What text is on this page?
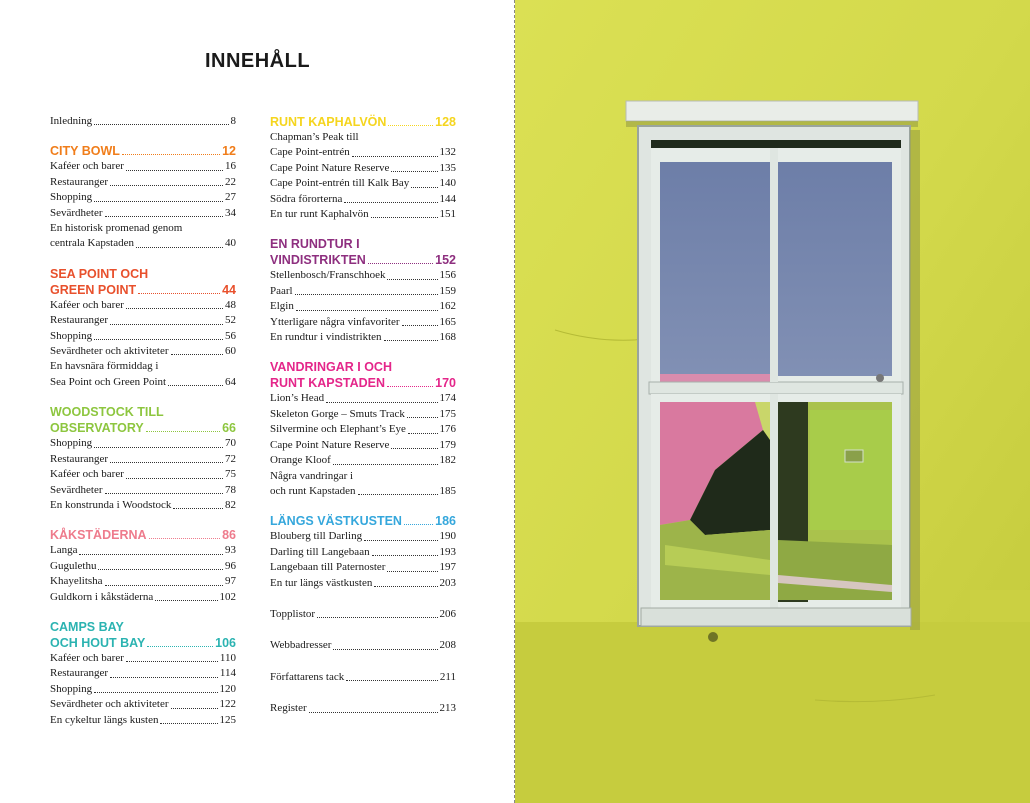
INNEHÅLL
Inledning	8
CITY BOWL	12
Kaféer och barer	16
Restauranger	22
Shopping	27
Sevärdheter	34
En historisk promenad genom
centrala Kapstaden	40
SEA POINT OCH
GREEN POINT	44
Kaféer och barer	48
Restauranger	52
Shopping	56
Sevärdheter och aktiviteter	60
En havsnära förmiddag i
Sea Point och Green Point	64
WOODSTOCK TILL
OBSERVATORY	66
Shopping	70
Restauranger	72
Kaféer och barer	75
Sevärdheter	78
En konstrunda i Woodstock	82
KÅKSTÄDERNA	86
Langa	93
Gugulethu	96
Khayelitsha	97
Guldkorn i kåkstäderna	102
CAMPS BAY
OCH HOUT BAY	106
Kaféer och barer	110
Restauranger	114
Shopping	120
Sevärdheter och aktiviteter	122
En cykeltur längs kusten	125
RUNT KAPHALVÖN	128
Chapman’s Peak till
Cape Point-entrén	132
Cape Point Nature Reserve	135
Cape Point-entrén till Kalk Bay	140
Södra förorterna	144
En tur runt Kaphalvön	151
EN RUNDTUR I
VINDISTRIKTEN	152
Stellenbosch/Franschhoek	156
Paarl	159
Elgin	162
Ytterligare några vinfavoriter	165
En rundtur i vindistrikten	168
VANDRINGAR I OCH
RUNT KAPSTADEN	170
Lion’s Head	174
Skeleton Gorge – Smuts Track	175
Silvermine och Elephant’s Eye	176
Cape Point Nature Reserve	179
Orange Kloof	182
Några vandringar i
och runt Kapstaden	185
LÄNGS VÄSTKUSTEN	186
Blouberg till Darling	190
Darling till Langebaan	193
Langebaan till Paternoster	197
En tur längs västkusten	203
Topplistor	206
Webbadresser	208
Författarens tack	211
Register	213
